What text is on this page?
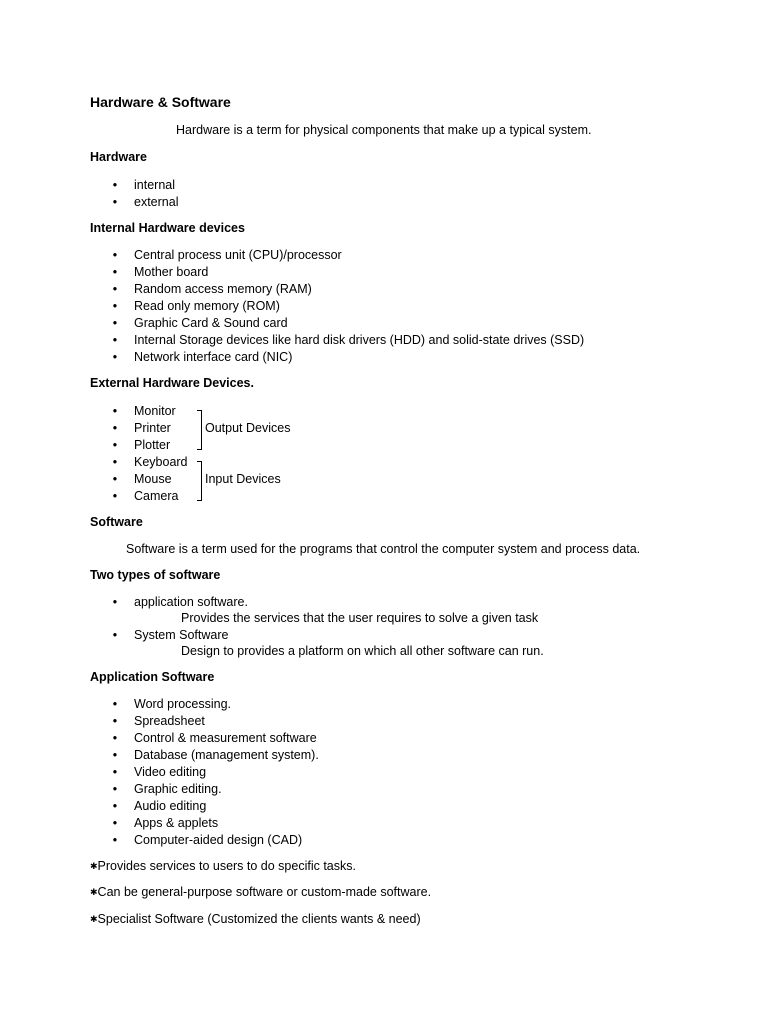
Hardware & Software
Hardware is a term for physical components that make up a typical system.
Hardware
• internal
• external
Internal Hardware devices
• Central process unit (CPU)/processor
• Mother board
• Random access memory (RAM)
• Read only memory (ROM)
• Graphic Card & Sound card
• Internal Storage devices like hard disk drivers (HDD) and solid-state drives (SSD)
• Network interface card (NIC)
External Hardware Devices.
• Monitor
• Printer
• Plotter
• Keyboard
• Mouse
• Camera
Output Devices
Input Devices
Software
Software is a term used for the programs that control the computer system and process data.
Two types of software
• application software.
Provides the services that the user requires to solve a given task
• System Software
Design to provides a platform on which all other software can run.
Application Software
• Word processing.
• Spreadsheet
• Control & measurement software
• Database (management system).
• Video editing
• Graphic editing.
• Audio editing
• Apps & applets
• Computer-aided design (CAD)
✱Provides services to users to do specific tasks.
✱Can be general-purpose software or custom-made software.
✱Specialist Software (Customized the clients wants & need)
